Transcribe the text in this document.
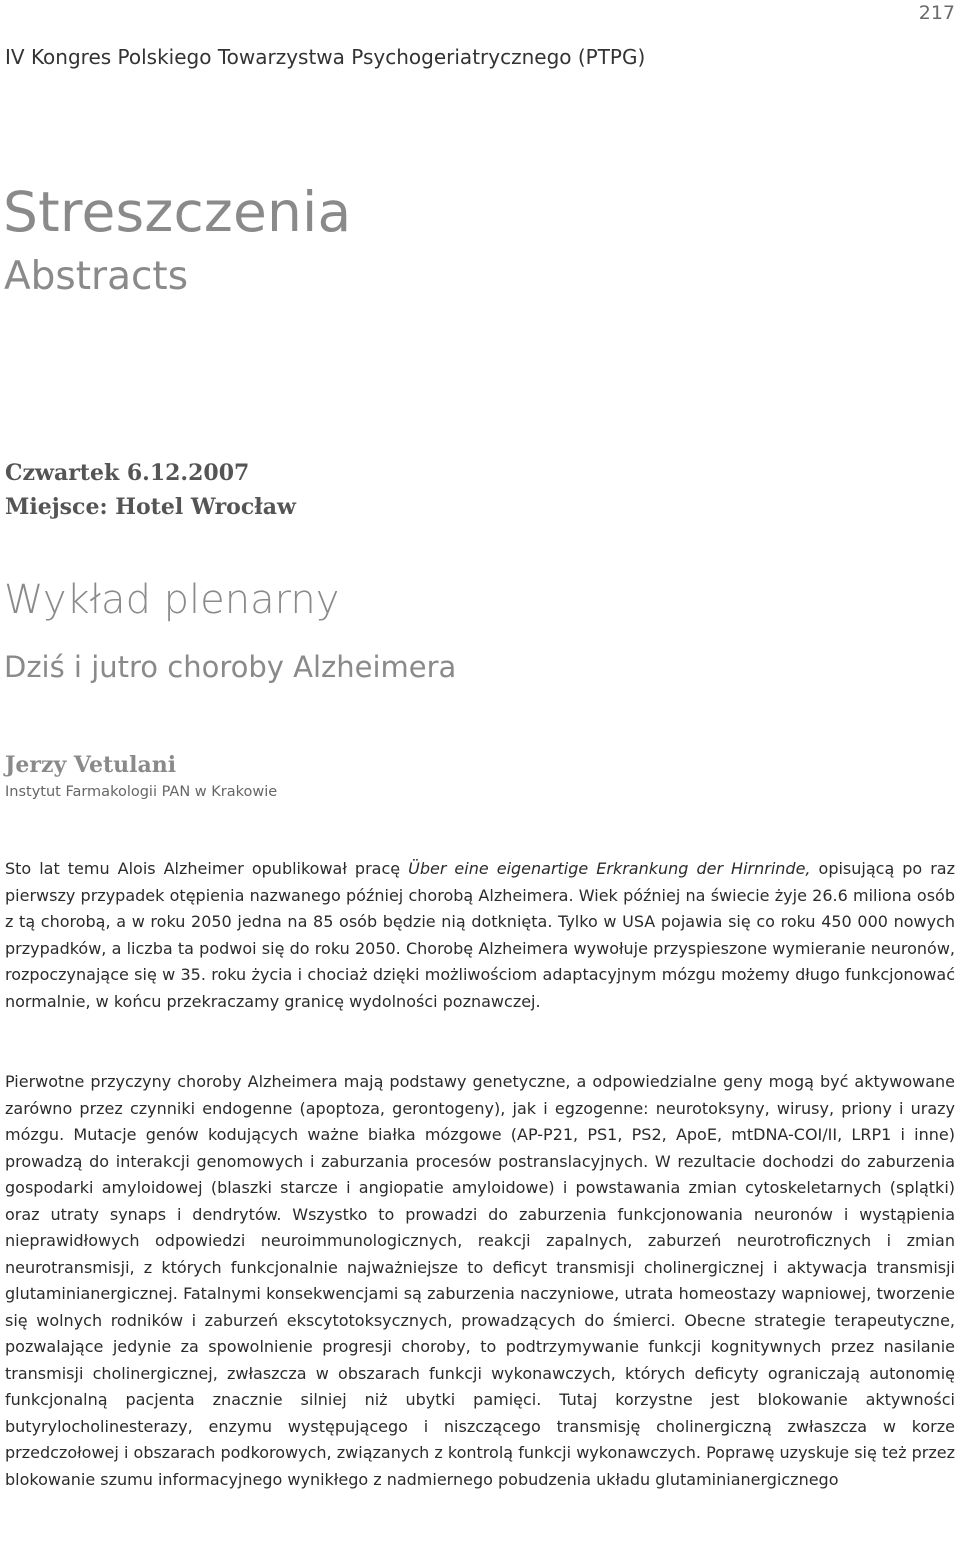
217
IV Kongres Polskiego Towarzystwa Psychogeriatrycznego (PTPG)
Streszczenia
Abstracts
Czwartek 6.12.2007
Miejsce: Hotel Wrocław
Wykład plenarny
Dziś i jutro choroby Alzheimera
Jerzy Vetulani
Instytut Farmakologii PAN w Krakowie

Sto lat temu Alois Alzheimer opublikował pracę Über eine eigenartige Erkrankung der Hirnrinde, opisującą po raz pierwszy przypadek otępienia nazwanego później chorobą Alzheimera. Wiek później na świecie żyje 26.6 miliona osób z tą chorobą, a w roku 2050 jedna na 85 osób będzie nią dotknięta. Tylko w USA pojawia się co roku 450 000 nowych przypadków, a liczba ta podwoi się do roku 2050. Chorobę Alzheimera wywołuje przyspieszone wymieranie neuronów, rozpoczynające się w 35. roku życia i chociaż dzięki możliwościom adaptacyjnym mózgu możemy długo funkcjonować normalnie, w końcu przekraczamy granicę wydolności poznawczej.

Pierwotne przyczyny choroby Alzheimera mają podstawy genetyczne, a odpowiedzialne geny mogą być aktywowane zarówno przez czynniki endogenne (apoptoza, gerontogeny), jak i egzogenne: neurotoksyny, wirusy, priony i urazy mózgu. Mutacje genów kodujących ważne białka mózgowe (AP-P21, PS1, PS2, ApoE, mtDNA-COI/II, LRP1 i inne) prowadzą do interakcji genomowych i zaburzania procesów postranslacyjnych. W rezultacie dochodzi do zaburzenia gospodarki amyloidowej (blaszki starcze i angiopatie amyloidowe) i powstawania zmian cytoskeletarnych (splątki) oraz utraty synaps i dendrytów. Wszystko to prowadzi do zaburzenia funkcjonowania neuronów i wystąpienia nieprawidłowych odpowiedzi neuroimmunologicznych, reakcji zapalnych, zaburzeń neurotroficznych i zmian neurotransmisji, z których funkcjonalnie najważniejsze to deficyt transmisji cholinergicznej i aktywacja transmisji glutaminianergicznej. Fatalnymi konsekwencjami są zaburzenia naczyniowe, utrata homeostazy wapniowej, tworzenie się wolnych rodników i zaburzeń ekscytotoksycznych, prowadzących do śmierci. Obecne strategie terapeutyczne, pozwalające jedynie za spowolnienie progresji choroby, to podtrzymywanie funkcji kognitywnych przez nasilanie transmisji cholinergicznej, zwłaszcza w obszarach funkcji wykonawczych, których deficyty ograniczają autonomię funkcjonalną pacjenta znacznie silniej niż ubytki pamięci. Tutaj korzystne jest blokowanie aktywności butyrylocholinesterazy, enzymu występującego i niszczącego transmisję cholinergiczną zwłaszcza w korze przedczołowej i obszarach podkorowych, związanych z kontrolą funkcji wykonawczych. Poprawę uzyskuje się też przez blokowanie szumu informacyjnego wynikłego z nadmiernego pobudzenia układu glutaminianergicznego
